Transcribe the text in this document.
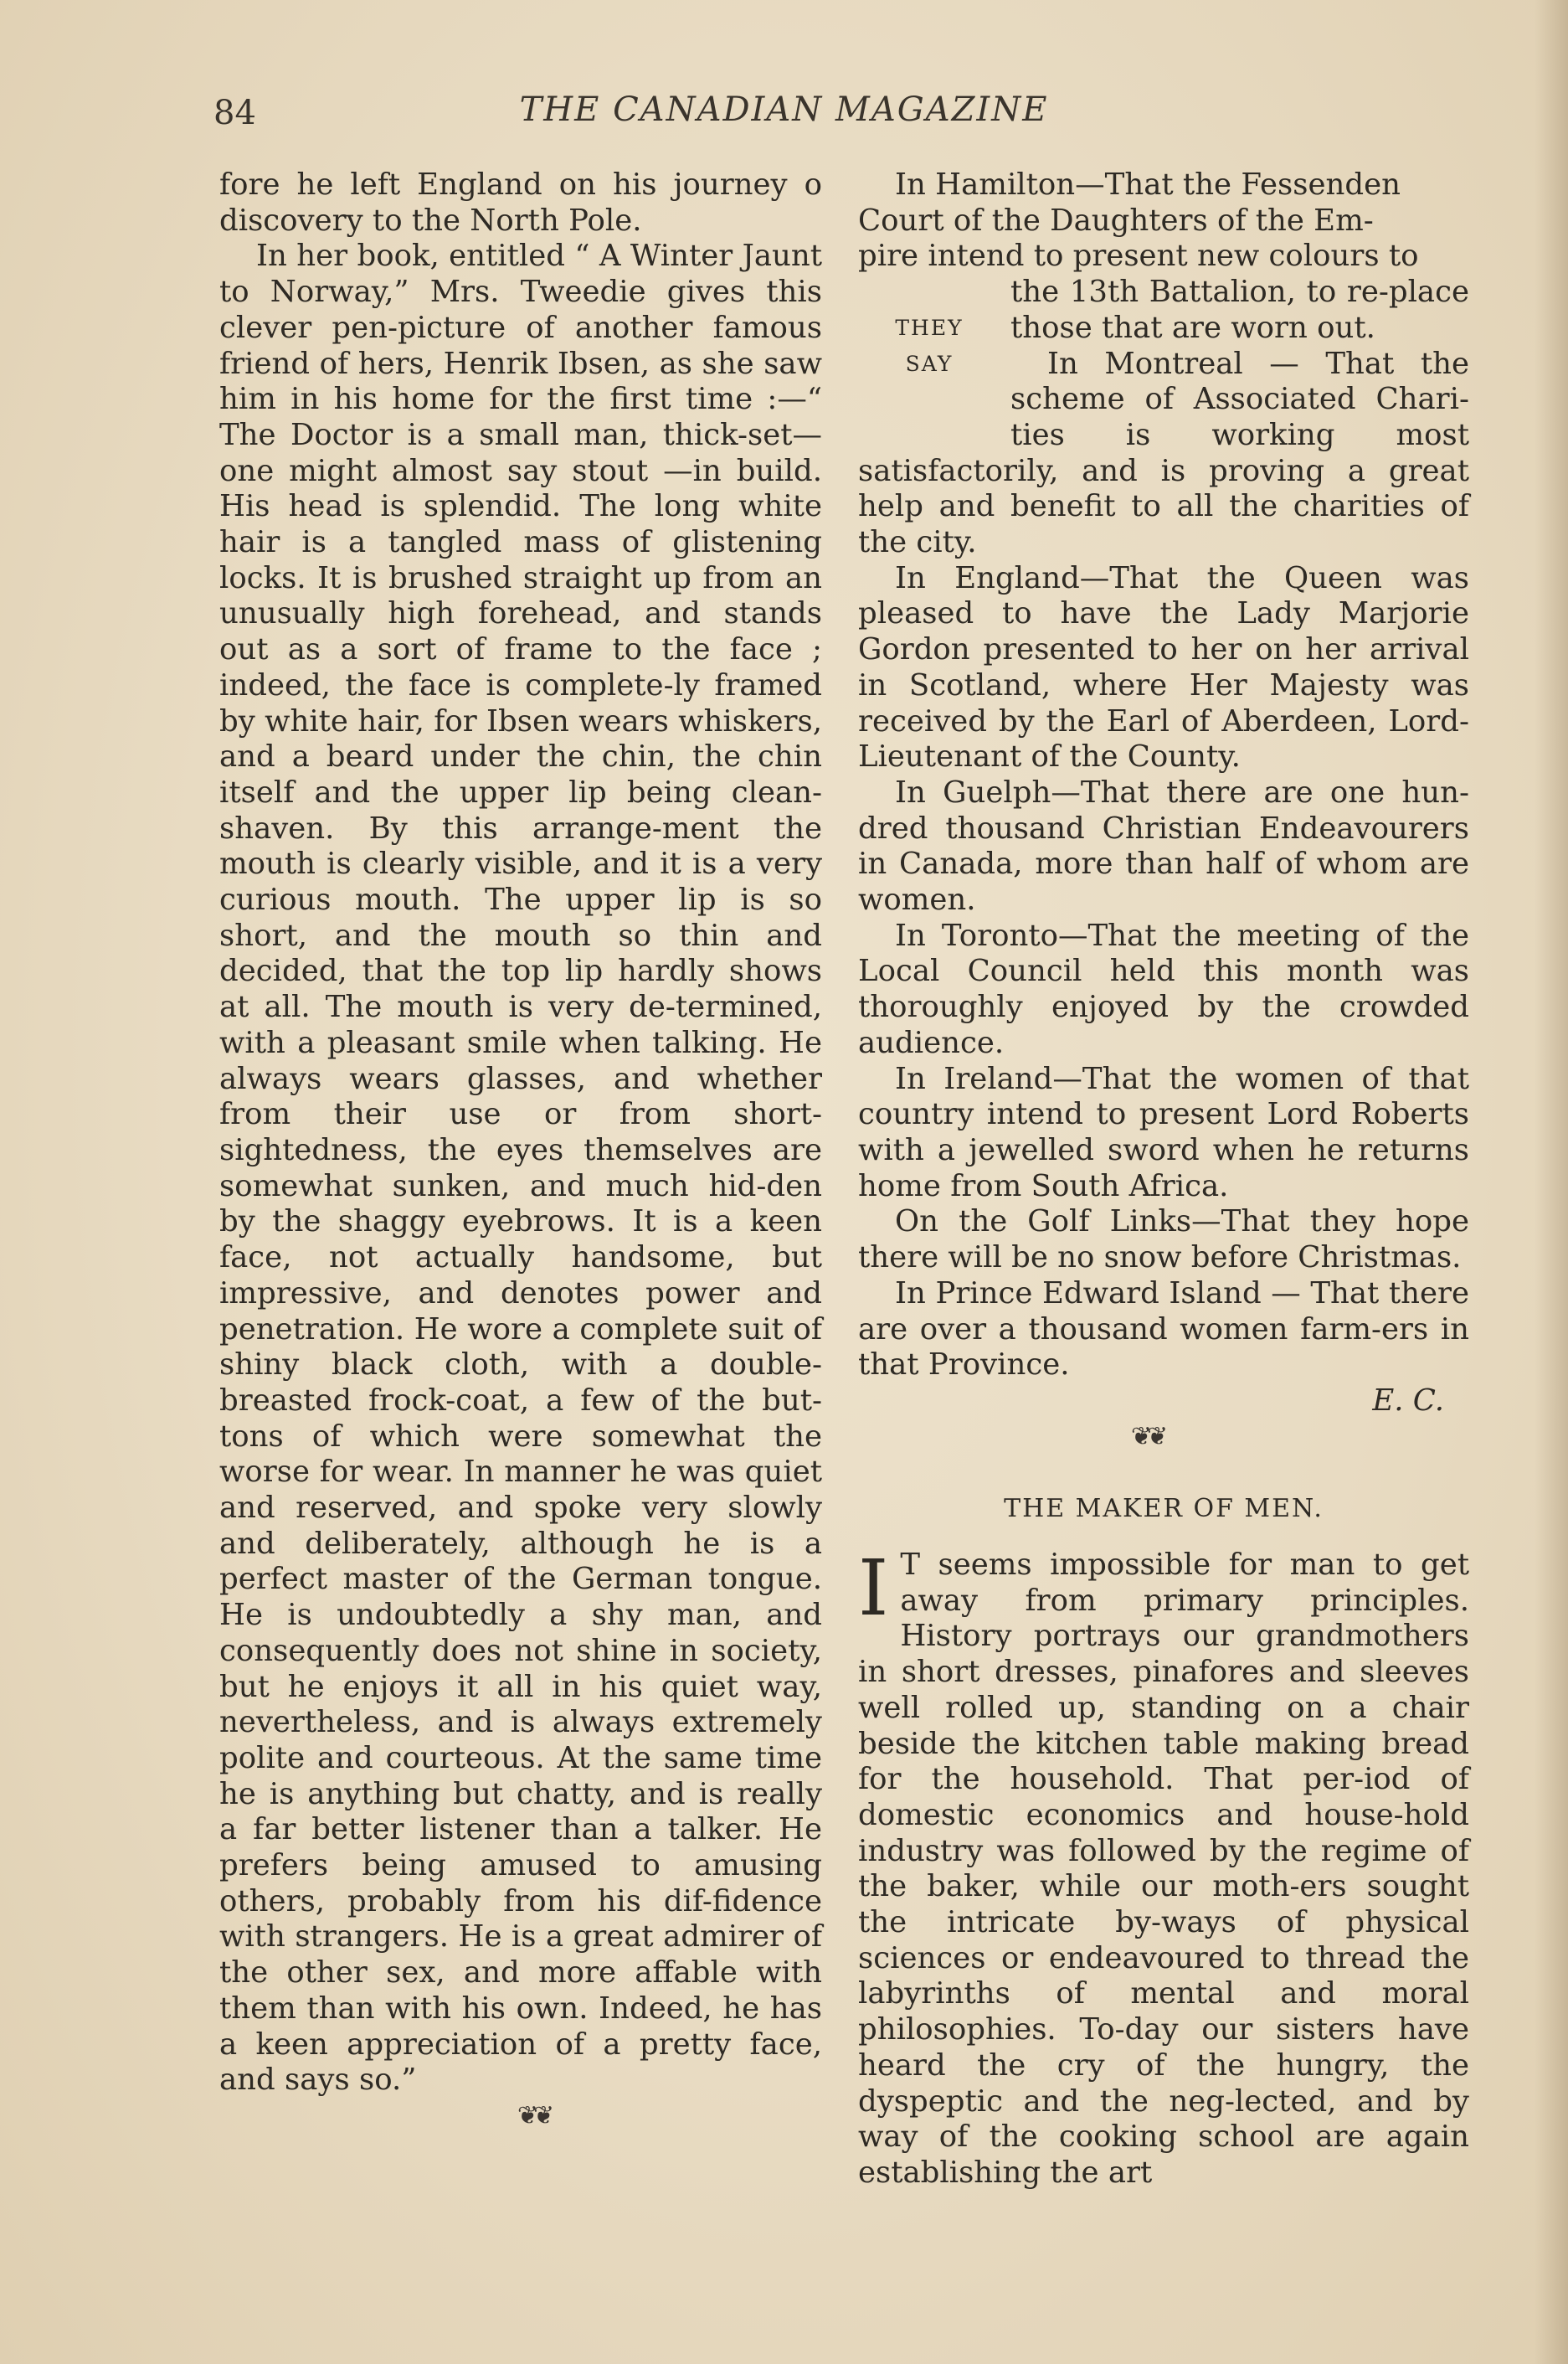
84	THE CANADIAN MAGAZINE

fore he left England on his journey o discovery to the North Pole.

In her book, entitled “ A Winter Jaunt to Norway,” Mrs. Tweedie gives this clever pen-picture of another famous friend of hers, Henrik Ibsen, as she saw him in his home for the first time :—“ The Doctor is a small man, thick-set—one might almost say stout —in build. His head is splendid. The long white hair is a tangled mass of glistening locks. It is brushed straight up from an unusually high forehead, and stands out as a sort of frame to the face ; indeed, the face is complete-ly framed by white hair, for Ibsen wears whiskers, and a beard under the chin, the chin itself and the upper lip being clean-shaven. By this arrange-ment the mouth is clearly visible, and it is a very curious mouth. The upper lip is so short, and the mouth so thin and decided, that the top lip hardly shows at all. The mouth is very de-termined, with a pleasant smile when talking. He always wears glasses, and whether from their use or from short-sightedness, the eyes themselves are somewhat sunken, and much hid-den by the shaggy eyebrows. It is a keen face, not actually handsome, but impressive, and denotes power and penetration. He wore a complete suit of shiny black cloth, with a double-breasted frock-coat, a few of the but-tons of which were somewhat the worse for wear. In manner he was quiet and reserved, and spoke very slowly and deliberately, although he is a perfect master of the German tongue. He is undoubtedly a shy man, and consequently does not shine in society, but he enjoys it all in his quiet way, nevertheless, and is always extremely polite and courteous. At the same time he is anything but chatty, and is really a far better listener than a talker. He prefers being amused to amusing others, probably from his dif-fidence with strangers. He is a great admirer of the other sex, and more affable with them than with his own. Indeed, he has a keen appreciation of a pretty face, and says so.”

❦❦

In Hamilton—That the Fessenden

Court of the Daughters of the Em-

pire intend to present new colours to

THEY
SAY

the 13th Battalion, to re-place those that are worn out.

In Montreal — That the scheme of Associated Chari-ties is working most satisfactorily, and is proving a great help and benefit to all the charities of the city.

In England—That the Queen was pleased to have the Lady Marjorie Gordon presented to her on her arrival in Scotland, where Her Majesty was received by the Earl of Aberdeen, Lord-Lieutenant of the County.

In Guelph—That there are one hun-dred thousand Christian Endeavourers in Canada, more than half of whom are women.

In Toronto—That the meeting of the Local Council held this month was thoroughly enjoyed by the crowded audience.

In Ireland—That the women of that country intend to present Lord Roberts with a jewelled sword when he returns home from South Africa.

On the Golf Links—That they hope there will be no snow before Christmas.

In Prince Edward Island — That there are over a thousand women farm-ers in that Province.

E. C.

❦❦

THE MAKER OF MEN.

I T seems impossible for man to get away from primary principles. History portrays our grandmothers in short dresses, pinafores and sleeves well rolled up, standing on a chair beside the kitchen table making bread for the household. That per-iod of domestic economics and house-hold industry was followed by the regime of the baker, while our moth-ers sought the intricate by-ways of physical sciences or endeavoured to thread the labyrinths of mental and moral philosophies. To-day our sisters have heard the cry of the hungry, the dyspeptic and the neg-lected, and by way of the cooking school are again establishing the art
